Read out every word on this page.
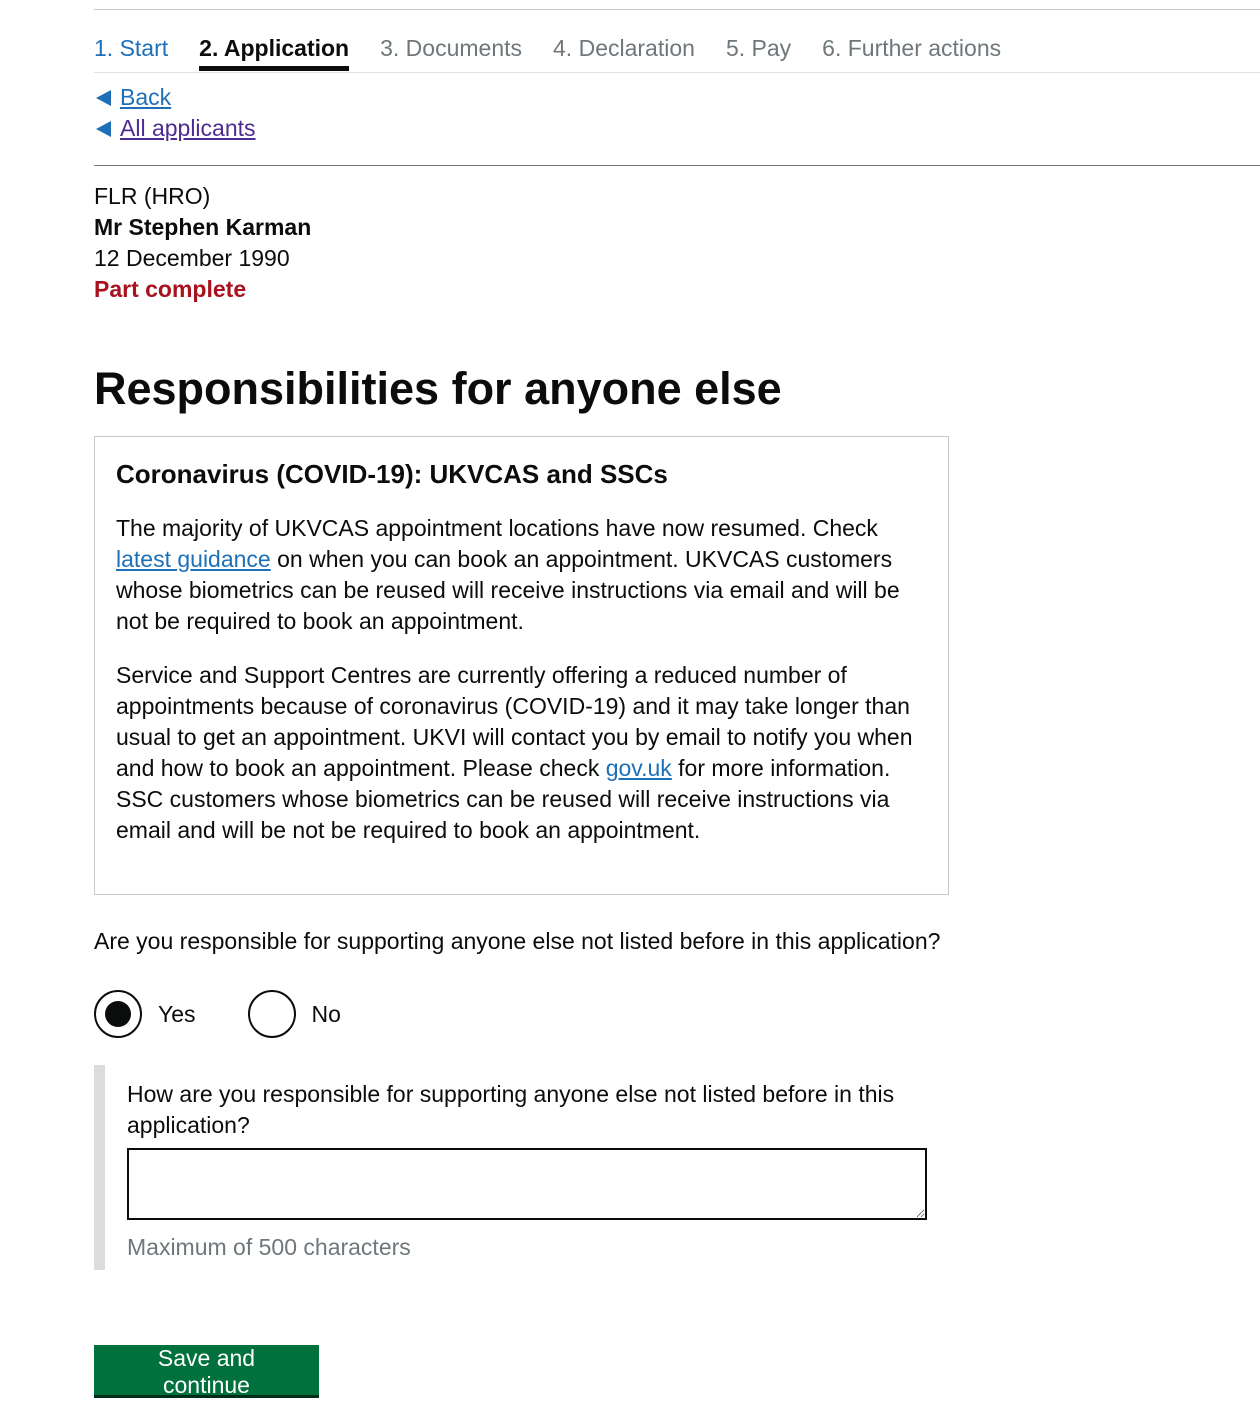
1. Start 2. Application 3. Documents 4. Declaration 5. Pay 6. Further actions
Back
All applicants
FLR (HRO)
Mr Stephen Karman
12 December 1990
Part complete
Responsibilities for anyone else
Coronavirus (COVID-19): UKVCAS and SSCs

The majority of UKVCAS appointment locations have now resumed. Check latest guidance on when you can book an appointment. UKVCAS customers whose biometrics can be reused will receive instructions via email and will be not be required to book an appointment.

Service and Support Centres are currently offering a reduced number of appointments because of coronavirus (COVID-19) and it may take longer than usual to get an appointment. UKVI will contact you by email to notify you when and how to book an appointment. Please check gov.uk for more information. SSC customers whose biometrics can be reused will receive instructions via email and will be not be required to book an appointment.

Are you responsible for supporting anyone else not listed before in this application?

Yes	No
How are you responsible for supporting anyone else not listed before in this application?
Maximum of 500 characters
Save and continue
